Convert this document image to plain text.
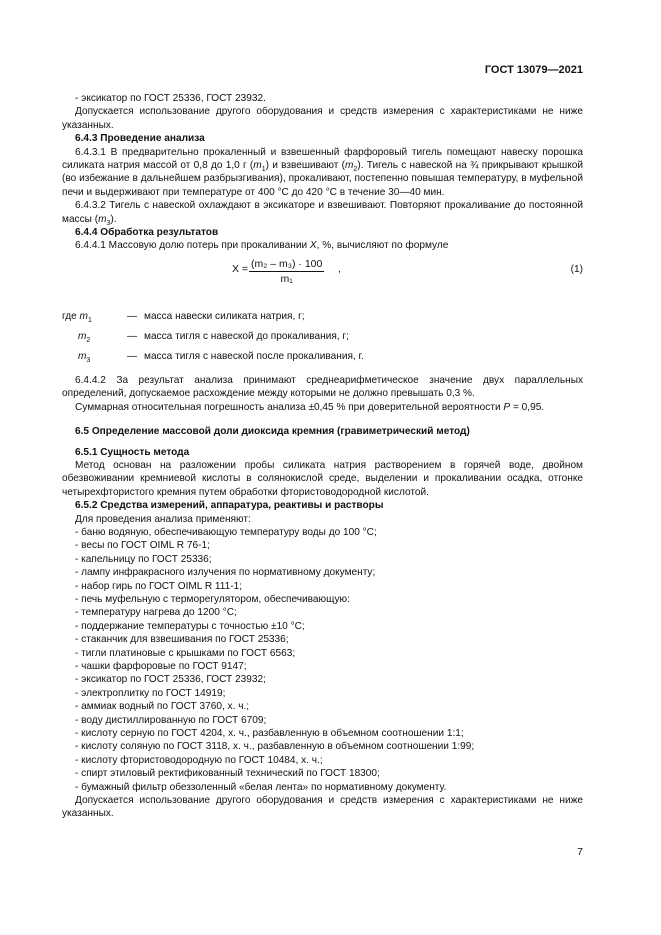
ГОСТ 13079—2021

- эксикатор по ГОСТ 25336, ГОСТ 23932.

Допускается использование другого оборудования и средств измерения с характеристиками не ниже указанных.

6.4.3 Проведение анализа

6.4.3.1 В предварительно прокаленный и взвешенный фарфоровый тигель помещают навеску порошка силиката натрия массой от 0,8 до 1,0 г $(m_1)$ и взвешивают $(m_2)$. Тигель с навеской на ¾ прикрывают крышкой (во избежание в дальнейшем разбрызгивания), прокаливают, постепенно повышая температуру, в муфельной печи и выдерживают при температуре от 400 °С до 420 °С в течение 30—40 мин.

6.4.3.2 Тигель с навеской охлаждают в эксикаторе и взвешивают. Повторяют прокаливание до постоянной массы $(m_3)$.

6.4.4 Обработка результатов

6.4.4.1 Массовую долю потерь при прокаливании X, %, вычисляют по формуле

$X = \frac{\text{(m₂ – m₃) · 100}}{\text{m₁}}$ ,	(1)
где $m_1$	— масса навески силиката натрия, г;
$m_2$	— масса тигля с навеской до прокаливания, г;
$m_3$	— масса тигля с навеской после прокаливания, г.

6.4.4.2 За результат анализа принимают среднеарифметическое значение двух параллельных определений, допускаемое расхождение между которыми не должно превышать 0,3 %.

Суммарная относительная погрешность анализа ±0,45 % при доверительной вероятности P = 0,95.

6.5 Определение массовой доли диоксида кремния (гравиметрический метод)

6.5.1 Сущность метода

Метод основан на разложении пробы силиката натрия растворением в горячей воде, двойном обезвоживании кремниевой кислоты в солянокислой среде, выделении и прокаливании осадка, отгонке четырехфтористого кремния путем обработки фтористоводородной кислотой.

6.5.2 Средства измерений, аппаратура, реактивы и растворы

Для проведения анализа применяют:

- баню водяную, обеспечивающую температуру воды до 100 °С;

- весы по ГОСТ OIML R 76-1;

- капельницу по ГОСТ 25336;

- лампу инфракрасного излучения по нормативному документу;

- набор гирь по ГОСТ OIML R 111-1;

- печь муфельную с терморегулятором, обеспечивающую:

- температуру нагрева до 1200 °С;

- поддержание температуры с точностью ±10 °С;

- стаканчик для взвешивания по ГОСТ 25336;

- тигли платиновые с крышками по ГОСТ 6563;

- чашки фарфоровые по ГОСТ 9147;

- эксикатор по ГОСТ 25336, ГОСТ 23932;

- электроплитку по ГОСТ 14919;

- аммиак водный по ГОСТ 3760, х. ч.;

- воду дистиллированную по ГОСТ 6709;

- кислоту серную по ГОСТ 4204, х. ч., разбавленную в объемном соотношении 1:1;

- кислоту соляную по ГОСТ 3118, х. ч., разбавленную в объемном соотношении 1:99;

- кислоту фтористоводородную по ГОСТ 10484, х. ч.;

- спирт этиловый ректификованный технический по ГОСТ 18300;

- бумажный фильтр обеззоленный «белая лента» по нормативному документу.

Допускается использование другого оборудования и средств измерения с характеристиками не ниже указанных.

7
